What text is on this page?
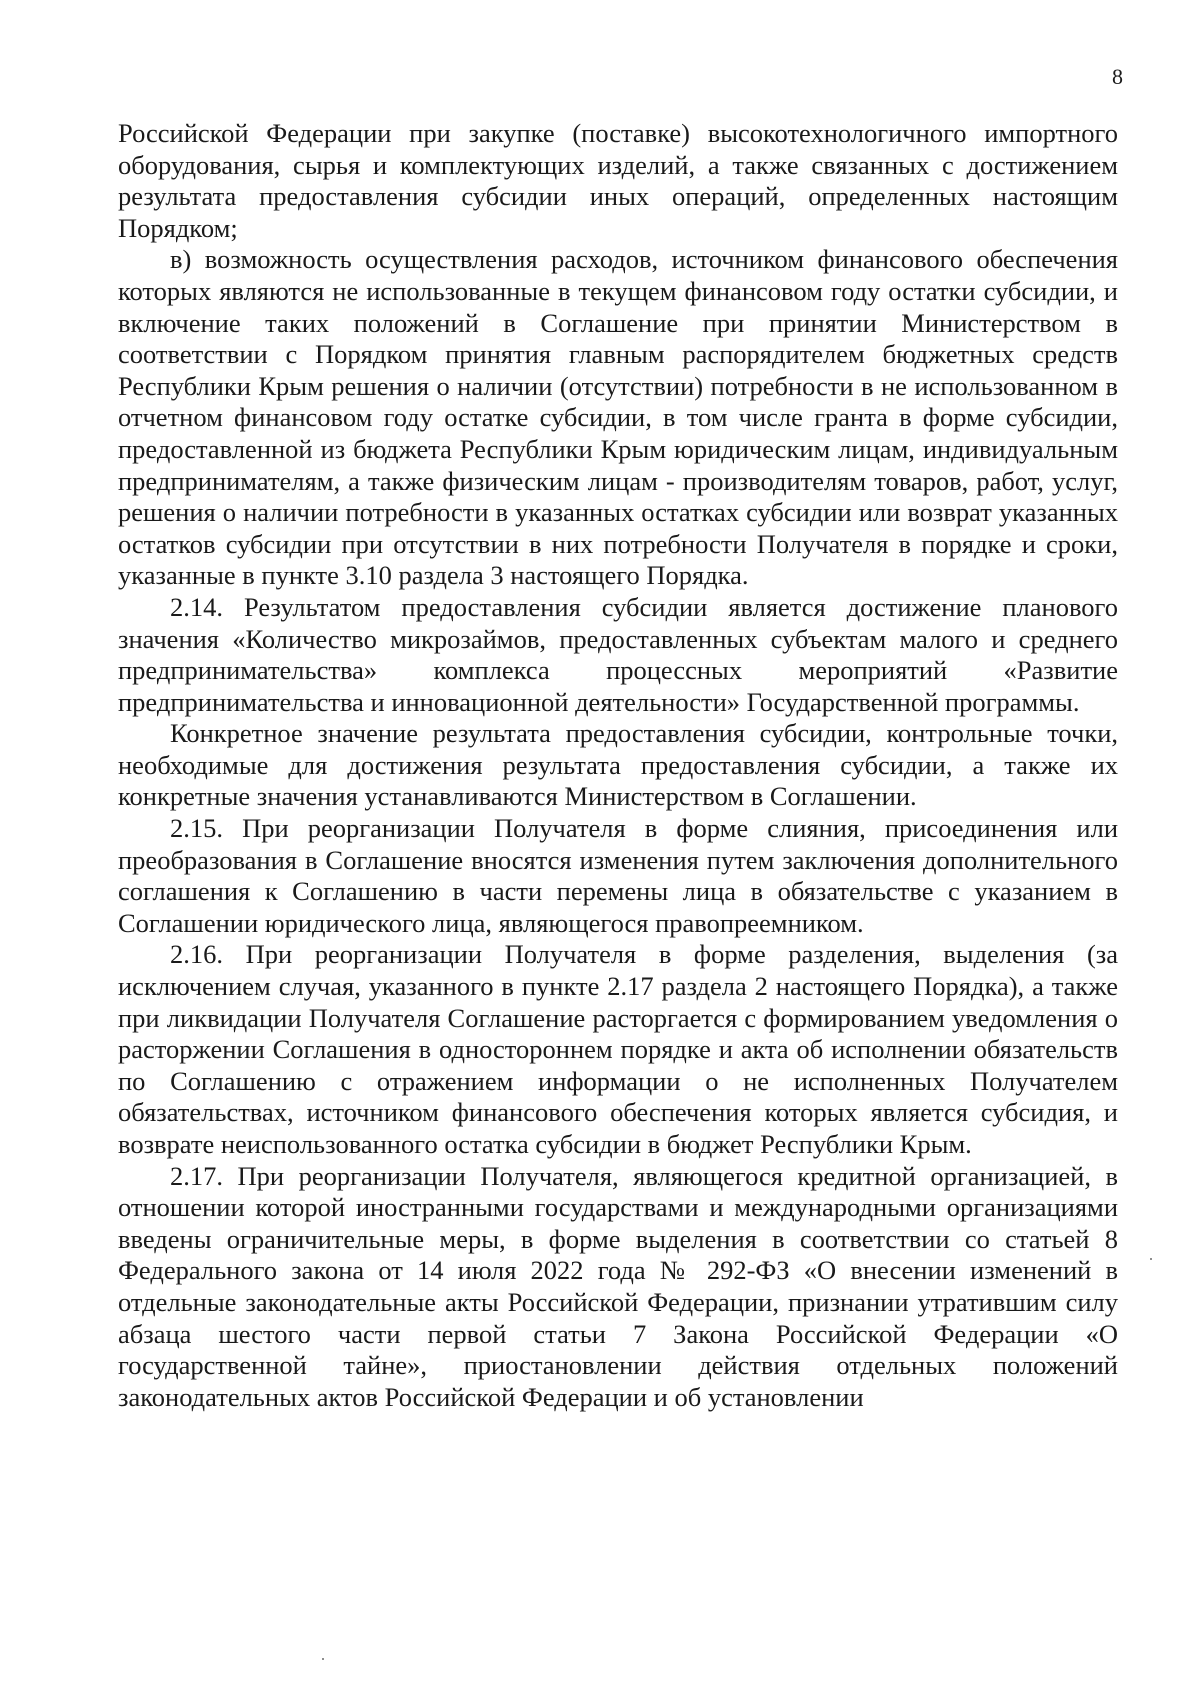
8

Российской Федерации при закупке (поставке) высокотехнологичного импортного оборудования, сырья и комплектующих изделий, а также связанных с достижением результата предоставления субсидии иных операций, определенных настоящим Порядком;

в) возможность осуществления расходов, источником финансового обеспечения которых являются не использованные в текущем финансовом году остатки субсидии, и включение таких положений в Соглашение при принятии Министерством в соответствии с Порядком принятия главным распорядителем бюджетных средств Республики Крым решения о наличии (отсутствии) потребности в не использованном в отчетном финансовом году остатке субсидии, в том числе гранта в форме субсидии, предоставленной из бюджета Республики Крым юридическим лицам, индивидуальным предпринимателям, а также физическим лицам - производителям товаров, работ, услуг, решения о наличии потребности в указанных остатках субсидии или возврат указанных остатков субсидии при отсутствии в них потребности Получателя в порядке и сроки, указанные в пункте 3.10 раздела 3 настоящего Порядка.

2.14. Результатом предоставления субсидии является достижение планового значения «Количество микрозаймов, предоставленных субъектам малого и среднего предпринимательства» комплекса процессных мероприятий «Развитие предпринимательства и инновационной деятельности» Государственной программы.

Конкретное значение результата предоставления субсидии, контрольные точки, необходимые для достижения результата предоставления субсидии, а также их конкретные значения устанавливаются Министерством в Соглашении.

2.15. При реорганизации Получателя в форме слияния, присоединения или преобразования в Соглашение вносятся изменения путем заключения дополнительного соглашения к Соглашению в части перемены лица в обязательстве с указанием в Соглашении юридического лица, являющегося правопреемником.

2.16. При реорганизации Получателя в форме разделения, выделения (за исключением случая, указанного в пункте 2.17 раздела 2 настоящего Порядка), а также при ликвидации Получателя Соглашение расторгается с формированием уведомления о расторжении Соглашения в одностороннем порядке и акта об исполнении обязательств по Соглашению с отражением информации о не исполненных Получателем обязательствах, источником финансового обеспечения которых является субсидия, и возврате неиспользованного остатка субсидии в бюджет Республики Крым.

2.17. При реорганизации Получателя, являющегося кредитной организацией, в отношении которой иностранными государствами и международными организациями введены ограничительные меры, в форме выделения в соответствии со статьей 8 Федерального закона от 14 июля 2022 года № 292-ФЗ «О внесении изменений в отдельные законодательные акты Российской Федерации, признании утратившим силу абзаца шестого части первой статьи 7 Закона Российской Федерации «О государственной тайне», приостановлении действия отдельных положений законодательных актов Российской Федерации и об установлении
